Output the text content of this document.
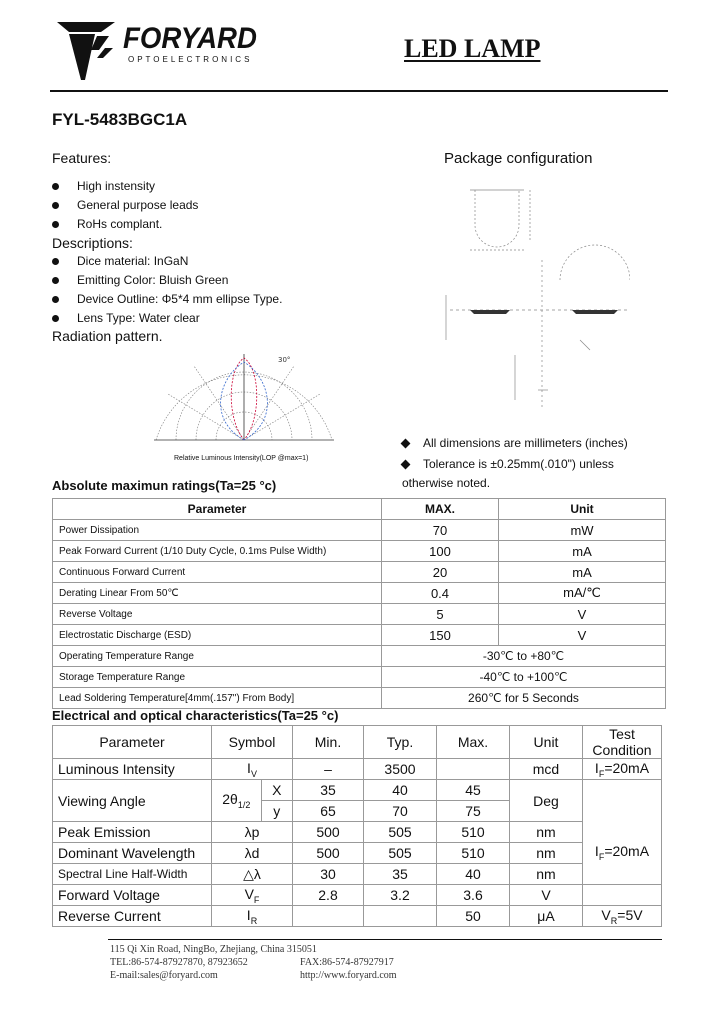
FORYARD
OPTOELECTRONICS	LED LAMP
FYL-5483BGC1A
Features:
High instensity
General purpose leads
RoHs complant.
Descriptions:
Dice material: InGaN
Emitting Color: Bluish Green
Device Outline: Φ5*4 mm ellipse Type.
Lens Type: Water clear
Radiation pattern.
30°
Relative Luminous Intensity(LOP @max=1)
Package configuration
All dimensions are millimeters (inches)
Tolerance is ±0.25mm(.010") unless otherwise noted.
Absolute maximun ratings(Ta=25 °c)
Parameter	MAX.	Unit
Power Dissipation	70	mW
Peak Forward Current (1/10 Duty Cycle, 0.1ms Pulse Width)	100	mA
Continuous Forward Current	20	mA
Derating Linear From 50℃	0.4	mA/℃
Reverse Voltage	5	V
Electrostatic Discharge (ESD)	150	V
Operating Temperature Range	-30℃ to +80℃	
Storage Temperature Range	-40℃ to +100℃	
Lead Soldering Temperature[4mm(.157") From Body]	260℃ for 5 Seconds	
Electrical and optical characteristics(Ta=25 °c)
Parameter	Symbol		Min.	Typ.	Max.	Unit	Test Condition
Luminous Intensity	$I_V$		–	3500		mcd	$I_F=20mA$
Viewing Angle	$2\theta_{1/2}$	X	35	40	45	Deg	
		y	65	70	75		
Peak Emission	λp		500	505	510	nm	$I_F=20mA$
Dominant Wavelength	λd		500	505	510	nm	
Spectral Line Half-Width	△λ		30	35	40	nm	
Forward Voltage	$V_F$		2.8	3.2	3.6	V	
Reverse Current	$I_R$				50	μA	$V_R=5V$
115 Qi Xin Road, NingBo, Zhejiang, China 315051
TEL:86-574-87927870, 87923652	FAX:86-574-87927917
E-mail:sales@foryard.com	http://www.foryard.com
